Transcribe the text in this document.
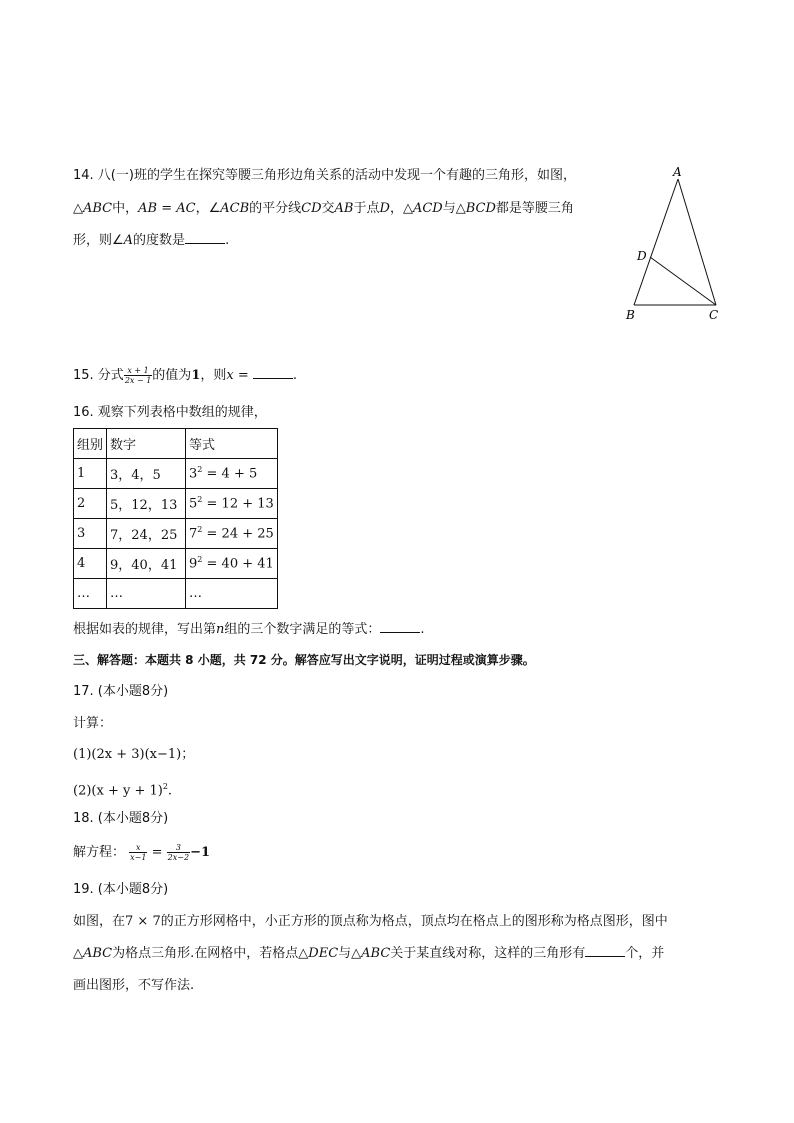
14. 八(一)班的学生在探究等腰三角形边角关系的活动中发现一个有趣的三角形，如图，
△ABC中，AB = AC，∠ACB的平分线CD交AB于点D，△ACD与△BCD都是等腰三角
形，则∠A的度数是	.
A
D
B	C
15. 分式 $\frac{x + 1}{2x - 1}$ 的值为1，则x =	.
16. 观察下列表格中数组的规律，
组别	数字	等式
1	3，4，5	$3^2 = 4 + 5$
2	5，12，13	$5^2 = 12 + 13$
3	7，24，25	$7^2 = 24 + 25$
4	9，40，41	$9^2 = 40 + 41$
…	…	…
根据如表的规律，写出第n组的三个数字满足的等式：	.
三、解答题：本题共 8 小题，共 72 分。解答应写出文字说明，证明过程或演算步骤。
17. (本小题8分)
计算：
(1)(2x + 3)(x−1)；
$(2)(x + y + 1)^2$.
18. (本小题8分)
解方程： $\frac{x}{x-1} = \frac{3}{2x-2} -1$
19. (本小题8分)
如图，在7 × 7的正方形网格中，小正方形的顶点称为格点，顶点均在格点上的图形称为格点图形，图中
△ABC为格点三角形.在网格中，若格点△DEC与△ABC关于某直线对称，这样的三角形有	个，并
画出图形，不写作法.
